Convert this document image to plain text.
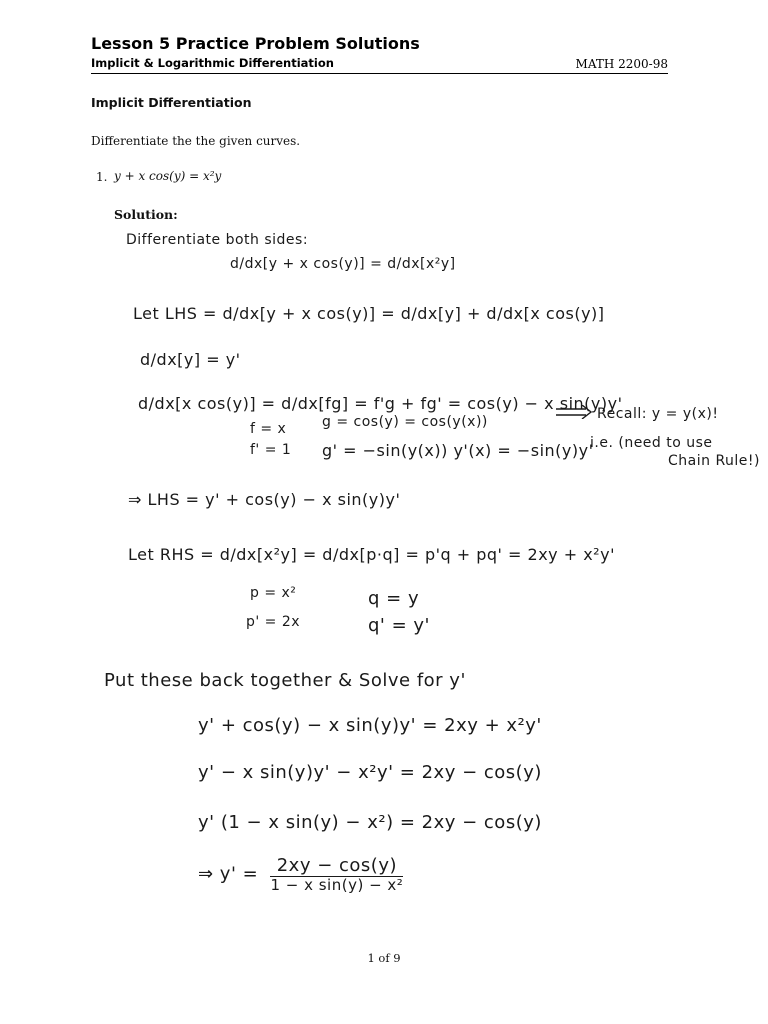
Lesson 5 Practice Problem Solutions
Implicit & Logarithmic Differentiation	MATH 2200-98
Implicit Differentiation
Differentiate the the given curves.
1. y + x cos(y) = x²y
Solution:
Differentiate both sides:
d/dx[y + x cos(y)] = d/dx[x²y]
Let LHS = d/dx[y + x cos(y)] = d/dx[y] + d/dx[x cos(y)]
d/dx[y] = y'
d/dx[x cos(y)] = d/dx[fg] = f'g + fg' = cos(y) − x sin(y)y'
Recall: y = y(x)!
f = x	g = cos(y) = cos(y(x))
f' = 1 g' = −sin(y(x)) y'(x) = −sin(y)y'
i.e. (need to use
Chain Rule!)
⇒ LHS = y' + cos(y) − x sin(y)y'
Let RHS = d/dx[x²y] = d/dx[p·q] = p'q + pq' = 2xy + x²y'
p = x²	q = y
p' = 2x	q' = y'
Put these back together & Solve for y'
y' + cos(y) − x sin(y)y' = 2xy + x²y'
y' − x sin(y)y' − x²y' = 2xy − cos(y)
y' (1 − x sin(y) − x²) = 2xy − cos(y)
⇒ $y' = \frac{2xy - \cos(y)}{\text{1 − x sin(y) − x²}}$
1 of 9
